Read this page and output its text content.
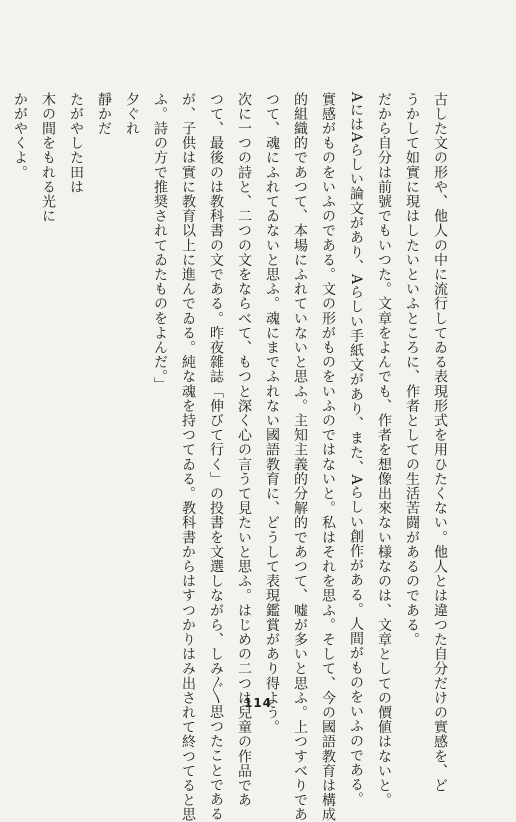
古した文の形や、他人の中に流行してゐる表現形式を用ひたくない。他人とは違つた自分だけの實感を、ど
うかして如實に現はしたいといふところに、作者としての生活苦闘があるのである。
だから自分は前號でもいつた。文章をよんでも、作者を想像出來ない様なのは、文章としての價値はないと。
AにはAらしい論文があり、Aらしい手紙文があり、また、Aらしい創作がある。人間がものをいふのである。
實感がものをいふのである。文の形がものをいふのではないと。私はそれを思ふ。そして、今の國語教育は構成
的組織的であつて、本場にふれていないと思ふ。主知主義的分解的であつて、嘘が多いと思ふ。上つすべりであ
つて、魂にふれてゐないと思ふ。魂にまでふれない國語教育に、どうして表現鑑賞があり得よう。
次に一つの詩と、二つの文をならべて、もつと深く心の言うて見たいと思ふ。はじめの二つは兒童の作品であ
つて、最後のは教科書の文である。昨夜雜誌「伸びて行く」の投書を文選しながら、しみ〴〵思つたことである
が、子供は實に教育以上に進んでゐる。純な魂を持つてゐる。教科書からはすつかりはみ出されて終つてると思
ふ。詩の方で推奨されてゐたものをよんだ。」
夕ぐれ
靜かだ
たがやした田は
木の間をもれる光に
かがやくよ。
114
